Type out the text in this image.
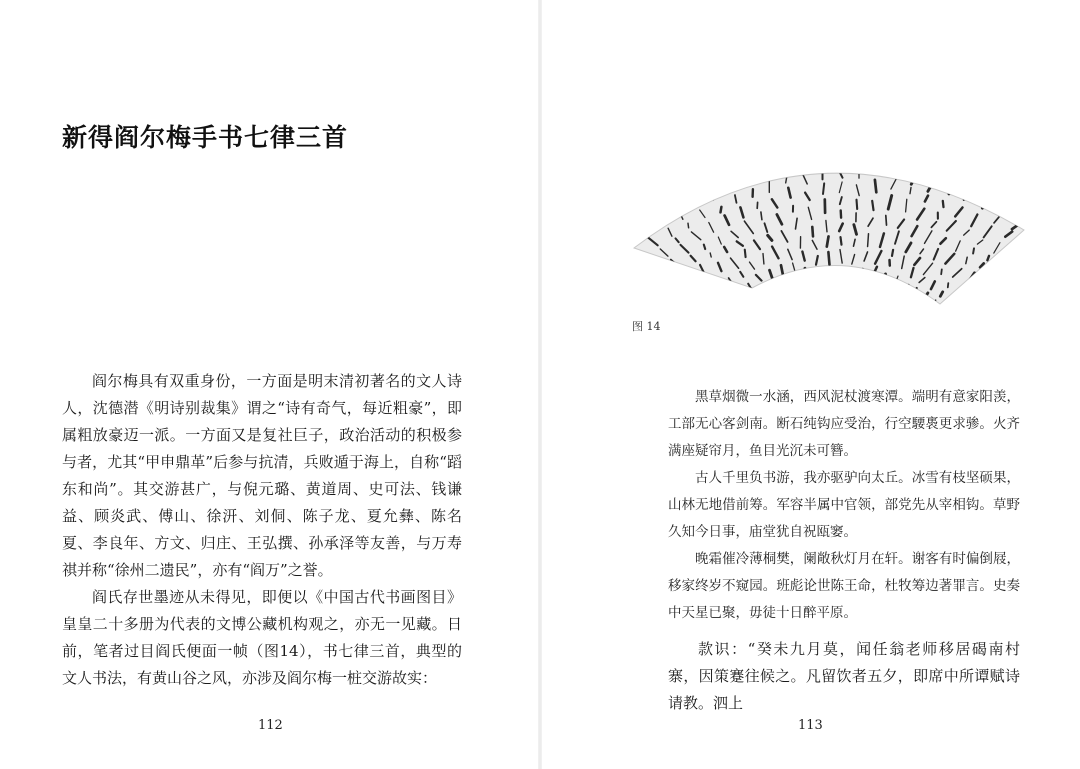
新得阎尔梅手书七律三首

阎尔梅具有双重身份，一方面是明末清初著名的文人诗人，沈德潜《明诗别裁集》谓之“诗有奇气，每近粗豪”，即属粗放豪迈一派。一方面又是复社巨子，政治活动的积极参与者，尤其“甲申鼎革”后参与抗清，兵败遁于海上，自称“蹈东和尚”。其交游甚广，与倪元璐、黄道周、史可法、钱谦益、顾炎武、傅山、徐汧、刘侗、陈子龙、夏允彝、陈名夏、李良年、方文、归庄、王弘撰、孙承泽等友善，与万寿祺并称“徐州二遗民”，亦有“阎万”之誉。

阎氏存世墨迹从未得见，即便以《中国古代书画图目》皇皇二十多册为代表的文博公藏机构观之，亦无一见藏。日前，笔者过目阎氏便面一帧（图14），书七律三首，典型的文人书法，有黄山谷之风，亦涉及阎尔梅一桩交游故实：

112
图 14

黑草烟微一水涵，西风泥杖渡寒潭。端明有意家阳羡，工部无心客剑南。断石纯钩应受治，行空騕褭更求骖。火齐满座疑帘月，鱼目光沉未可簪。

古人千里负书游，我亦驱驴向太丘。冰雪有枝坚硕果，山林无地借前筹。军容半属中官领，部党先从宰相钩。草野久知今日事，庙堂犹自祝瓯窭。

晚霜催冷薄桐樊，阑敞秋灯月在轩。谢客有时偏倒屐，移家终岁不窥园。班彪论世陈王命，杜牧筹边著罪言。史奏中天星已聚，毋徒十日醉平原。

款识：“癸未九月莫，闻任翁老师移居碣南村寨，因策蹇往候之。凡留饮者五夕，即席中所谭赋诗请教。泗上

113
